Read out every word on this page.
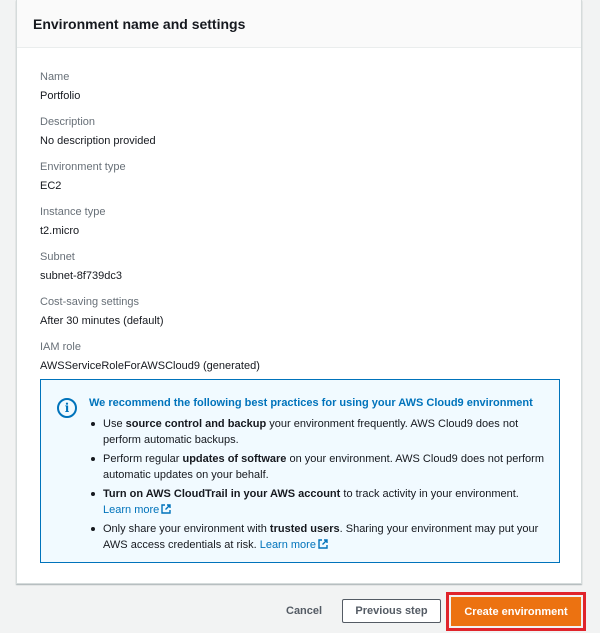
Environment name and settings
Name
Portfolio
Description
No description provided
Environment type
EC2
Instance type
t2.micro
Subnet
subnet-8f739dc3
Cost-saving settings
After 30 minutes (default)
IAM role
AWSServiceRoleForAWSCloud9 (generated)
i	We recommend the following best practices for using your AWS Cloud9 environment
Use source control and backup your environment frequently. AWS Cloud9 does not perform automatic backups.
Perform regular updates of software on your environment. AWS Cloud9 does not perform automatic updates on your behalf.
Turn on AWS CloudTrail in your AWS account to track activity in your environment. Learn more
Only share your environment with trusted users. Sharing your environment may put your AWS access credentials at risk. Learn more
Cancel	Previous step	Create environment
